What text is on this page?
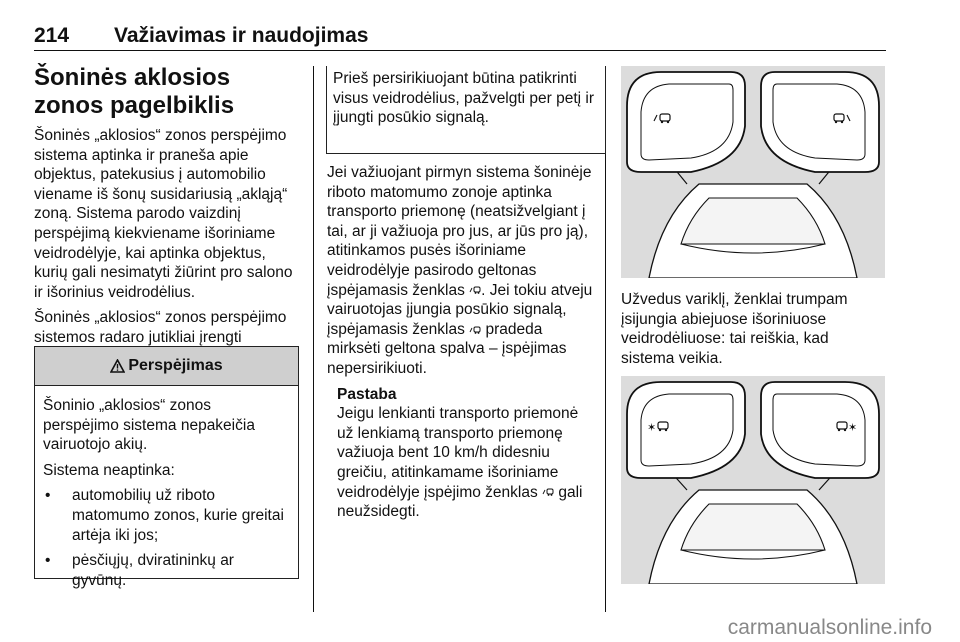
214 Važiavimas ir naudojimas
Šoninės aklosios zonos pagelbiklis

Šoninės „aklosios“ zonos perspėjimo sistema aptinka ir praneša apie objektus, patekusius į automobilio viename iš šonų susidariusią „akląją“ zoną. Sistema parodo vaizdinį perspėjimą kiekviename išoriniame veidrodėlyje, kai aptinka objektus, kurių gali nesimatyti žiūrint pro salono ir išorinius veidrodėlius.

Šoninės „aklosios“ zonos perspėjimo sistemos radaro jutikliai įrengti

Perspėjimas

Šoninio „aklosios“ zonos perspėjimo sistema nepakeičia vairuotojo akių.

Sistema neaptinka:

• automobilių už riboto matomumo zonos, kurie greitai artėja iki jos;
• pėsčiųjų, dviratininkų ar gyvūnų.
Prieš persirikiuojant būtina patikrinti visus veidrodėlius, pažvelgti per petį ir įjungti posūkio signalą.

Jei važiuojant pirmyn sistema šoninėje riboto matomumo zonoje aptinka transporto priemonę (neatsižvelgiant į tai, ar ji važiuoja pro jus, ar jūs pro ją), atitinkamos pusės išoriniame veidrodėlyje pasirodo geltonas įspėjamasis ženklas . Jei tokiu atveju vairuotojas įjungia posūkio signalą, įspėjamasis ženklas pradeda mirksėti geltona spalva – įspėjimas nepersirikiuoti.

Pastaba
Jeigu lenkianti transporto priemonė už lenkiamą transporto priemonę važiuoja bent 10 km/h didesniu greičiu, atitinkamame išoriniame veidrodėlyje įspėjimo ženklas gali neužsidegti.

Užvedus variklį, ženklai trumpam įsijungia abiejuose išoriniuose veidrodėliuose: tai reiškia, kad sistema veikia.

✶	✶
carmanualsonline.info
